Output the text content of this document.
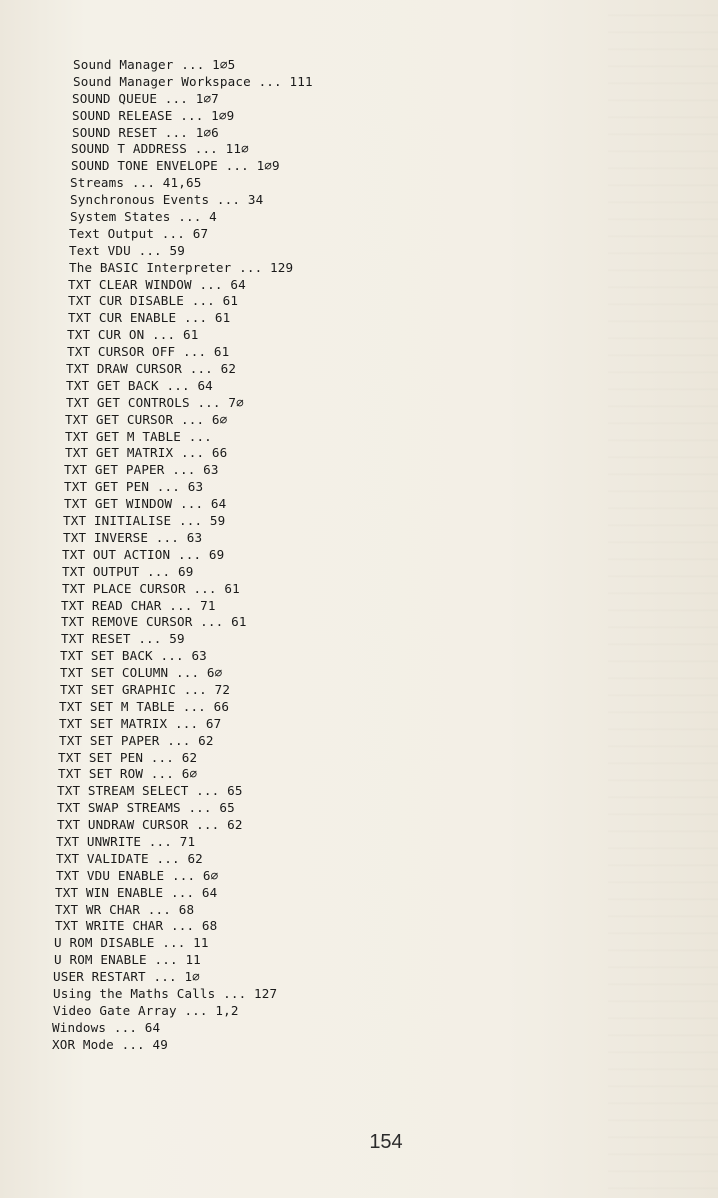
Sound Manager ... 1∅5
Sound Manager Workspace ... 111
SOUND QUEUE ... 1∅7
SOUND RELEASE ... 1∅9
SOUND RESET ... 1∅6
SOUND T ADDRESS ... 11∅
SOUND TONE ENVELOPE ... 1∅9
Streams ... 41,65
Synchronous Events ... 34
System States ... 4
Text Output ... 67
Text VDU ... 59
The BASIC Interpreter ... 129
TXT CLEAR WINDOW ... 64
TXT CUR DISABLE ... 61
TXT CUR ENABLE ... 61
TXT CUR ON ... 61
TXT CURSOR OFF ... 61
TXT DRAW CURSOR ... 62
TXT GET BACK ... 64
TXT GET CONTROLS ... 7∅
TXT GET CURSOR ... 6∅
TXT GET M TABLE ...
TXT GET MATRIX ... 66
TXT GET PAPER ... 63
TXT GET PEN ... 63
TXT GET WINDOW ... 64
TXT INITIALISE ... 59
TXT INVERSE ... 63
TXT OUT ACTION ... 69
TXT OUTPUT ... 69
TXT PLACE CURSOR ... 61
TXT READ CHAR ... 71
TXT REMOVE CURSOR ... 61
TXT RESET ... 59
TXT SET BACK ... 63
TXT SET COLUMN ... 6∅
TXT SET GRAPHIC ... 72
TXT SET M TABLE ... 66
TXT SET MATRIX ... 67
TXT SET PAPER ... 62
TXT SET PEN ... 62
TXT SET ROW ... 6∅
TXT STREAM SELECT ... 65
TXT SWAP STREAMS ... 65
TXT UNDRAW CURSOR ... 62
TXT UNWRITE ... 71
TXT VALIDATE ... 62
TXT VDU ENABLE ... 6∅
TXT WIN ENABLE ... 64
TXT WR CHAR ... 68
TXT WRITE CHAR ... 68
U ROM DISABLE ... 11
U ROM ENABLE ... 11
USER RESTART ... 1∅
Using the Maths Calls ... 127
Video Gate Array ... 1,2
Windows ... 64
XOR Mode ... 49
154
